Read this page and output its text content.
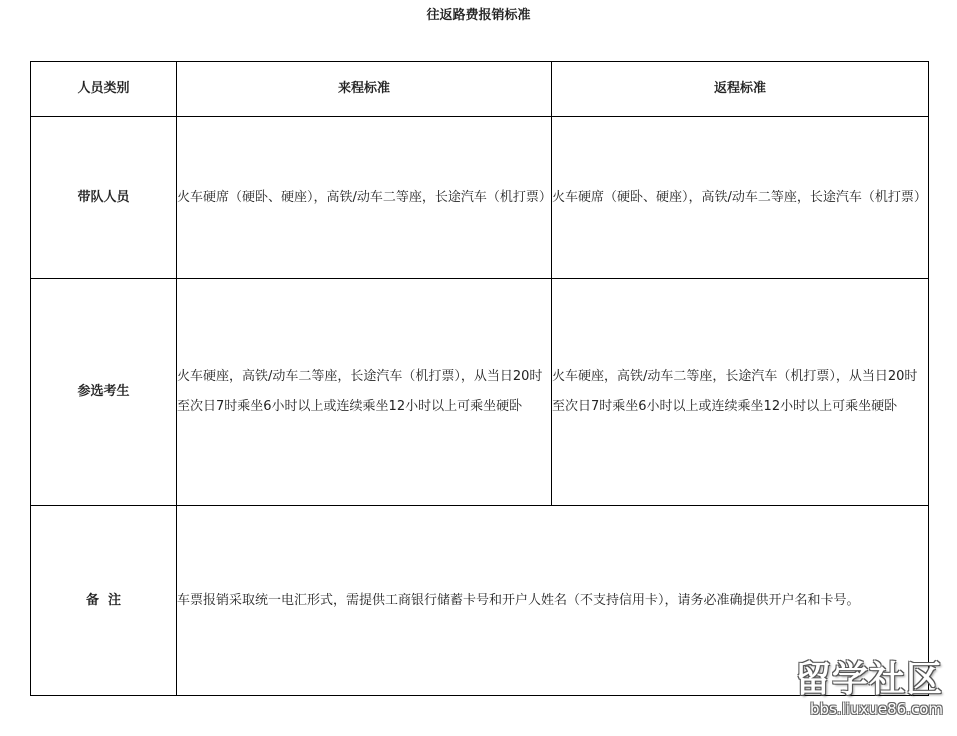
往返路费报销标准
人员类别	来程标准	返程标准
带队人员	火车硬席（硬卧、硬座），高铁/动车二等座，长途汽车（机打票）	火车硬席（硬卧、硬座），高铁/动车二等座，长途汽车（机打票）
参选考生	火车硬座，高铁/动车二等座，长途汽车（机打票），从当日20时至次日7时乘坐6小时以上或连续乘坐12小时以上可乘坐硬卧	火车硬座，高铁/动车二等座，长途汽车（机打票），从当日20时至次日7时乘坐6小时以上或连续乘坐12小时以上可乘坐硬卧
备  注	车票报销采取统一电汇形式，需提供工商银行储蓄卡号和开户人姓名（不支持信用卡），请务必准确提供开户名和卡号。	
留学社区
bbs.liuxue86.com
